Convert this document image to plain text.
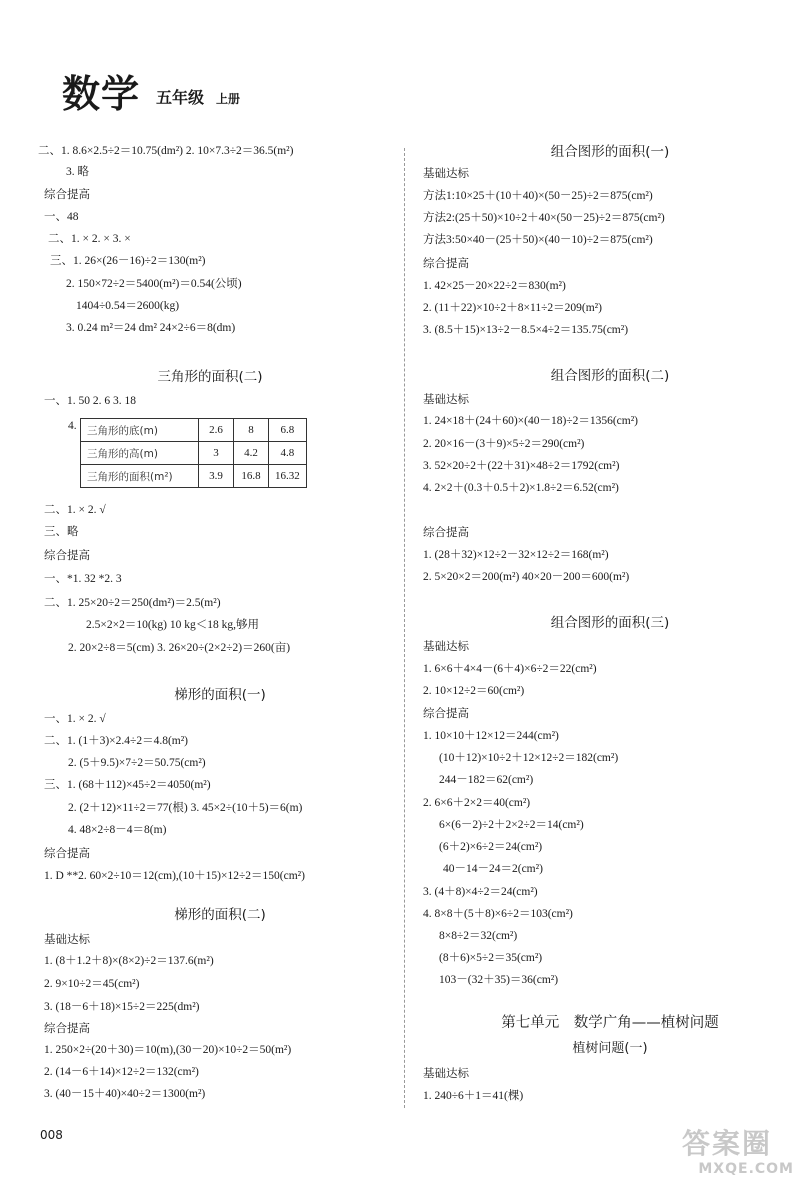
数学 五年级 上册
二、1. 8.6×2.5÷2＝10.75(dm²) 2. 10×7.3÷2＝36.5(m²)
3. 略
综合提高
一、48
二、1. × 2. × 3. ×
三、1. 26×(26－16)÷2＝130(m²)
2. 150×72÷2＝5400(m²)＝0.54(公顷)
1404÷0.54＝2600(kg)
3. 0.24 m²＝24 dm² 24×2÷6＝8(dm)
三角形的面积(二)
一、1. 50 2. 6 3. 18
4. 三角形的底(m)	2.6	8	6.8
三角形的高(m)	3	4.2	4.8
三角形的面积(m²)	3.9	16.8	16.32
二、1. × 2. √
三、略
综合提高
一、*1. 32 *2. 3
二、1. 25×20÷2＝250(dm²)＝2.5(m²)
2.5×2×2＝10(kg) 10 kg＜18 kg,够用
2. 20×2÷8＝5(cm) 3. 26×20÷(2×2÷2)＝260(亩)
梯形的面积(一)
一、1. × 2. √
二、1. (1＋3)×2.4÷2＝4.8(m²)
2. (5＋9.5)×7÷2＝50.75(cm²)
三、1. (68＋112)×45÷2＝4050(m²)
2. (2＋12)×11÷2＝77(根) 3. 45×2÷(10＋5)＝6(m)
4. 48×2÷8－4＝8(m)
综合提高
1. D **2. 60×2÷10＝12(cm),(10＋15)×12÷2＝150(cm²)
梯形的面积(二)
基础达标
1. (8＋1.2＋8)×(8×2)÷2＝137.6(m²)
2. 9×10÷2＝45(cm²)
3. (18－6＋18)×15÷2＝225(dm²)
综合提高
1. 250×2÷(20＋30)＝10(m),(30－20)×10÷2＝50(m²)
2. (14－6＋14)×12÷2＝132(cm²)
3. (40－15＋40)×40÷2＝1300(m²)
组合图形的面积(一)
基础达标
方法1:10×25＋(10＋40)×(50－25)÷2＝875(cm²)
方法2:(25＋50)×10÷2＋40×(50－25)÷2＝875(cm²)
方法3:50×40－(25＋50)×(40－10)÷2＝875(cm²)
综合提高
1. 42×25－20×22÷2＝830(m²)
2. (11＋22)×10÷2＋8×11÷2＝209(m²)
3. (8.5＋15)×13÷2－8.5×4÷2＝135.75(cm²)
组合图形的面积(二)
基础达标
1. 24×18＋(24＋60)×(40－18)÷2＝1356(cm²)
2. 20×16－(3＋9)×5÷2＝290(cm²)
3. 52×20÷2＋(22＋31)×48÷2＝1792(cm²)
4. 2×2＋(0.3＋0.5＋2)×1.8÷2＝6.52(cm²)
综合提高
1. (28＋32)×12÷2－32×12÷2＝168(m²)
2. 5×20×2＝200(m²) 40×20－200＝600(m²)
组合图形的面积(三)
基础达标
1. 6×6＋4×4－(6＋4)×6÷2＝22(cm²)
2. 10×12÷2＝60(cm²)
综合提高
1. 10×10＋12×12＝244(cm²)
(10＋12)×10÷2＋12×12÷2＝182(cm²)
244－182＝62(cm²)
2. 6×6＋2×2＝40(cm²)
6×(6－2)÷2＋2×2÷2＝14(cm²)
(6＋2)×6÷2＝24(cm²)
40－14－24＝2(cm²)
3. (4＋8)×4÷2＝24(cm²)
4. 8×8＋(5＋8)×6÷2＝103(cm²)
8×8÷2＝32(cm²)
(8＋6)×5÷2＝35(cm²)
103－(32＋35)＝36(cm²)
第七单元　数学广角——植树问题
植树问题(一)
基础达标
1. 240÷6＋1＝41(棵)
008	答案圈
MXQE.COM
